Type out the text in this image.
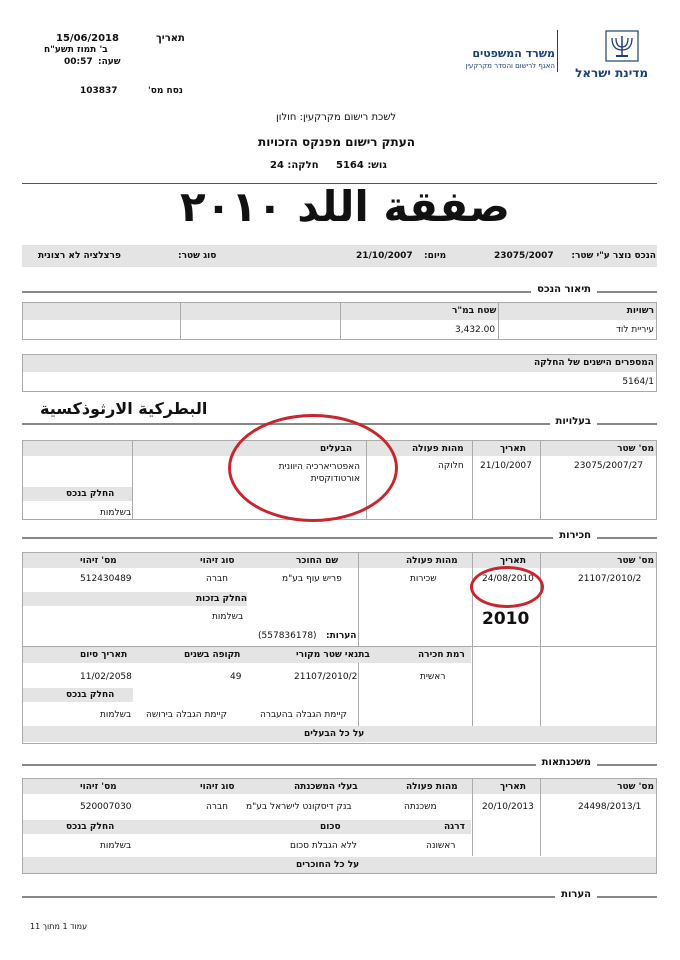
15/06/2018	תאריך
ב' תמוז תשע"ח
00:57 שעה:
103837	נסח מס'
משרד המשפטים
האגף לרישום והסדר מקרקעין מדינת ישראל
לשכת רישום מקרקעין: חולון
העתק רישום מפנקס הזכויות
גוש: 5164     חלקה: 24
صفقة اللد ٢٠١٠
הנכס נוצר ע"י שטר:
23075/2007
מיום:
21/10/2007
סוג שטר:
פרצלציה לא רצונית
תיאור הנכס
רשויות
שטח במ"ר
עיריית לוד
3,432.00
המספרים הישנים של החלקה
5164/1
البطركية الارثوذكسية
בעלויות
מס' שטר
תאריך
מהות פעולה
הבעלים
23075/2007/27
21/10/2007
חלוקה
האפטריארכיה היוונית אורטודוקסית
החלק בנכס
בשלמות
חכירות
מס' שטר
תאריך
מהות פעולה
שם החוכר
סוג זיהוי
מס' זיהוי
21107/2010/2
24/08/2010
שכירות
פריש עוף בע"מ
חברה
512430489
החלק בזכות
בשלמות
הערות:
(557836178)
רמת חכירה
בתנאי שטר מקורי
תקופה בשנים
תאריך סיום
ראשית
21107/2010/2
49
11/02/2058
החלק בנכס
קיימת הגבלה בהעברה
קיימת הגבלה בירושה
בשלמות
על כל הבעלים
2010
משכנתאות
מס' שטר
תאריך
מהות פעולה
בעלי המשכנתה
סוג זיהוי
מס' זיהוי
24498/2013/1
20/10/2013
משכנתה
בנק דיסקונט לישראל בע"מ
חברה
520007030
דרגה
סכום
החלק בנכס
ראשונה
ללא הגבלת סכום
בשלמות
על כל החוכרים
הערות
עמוד 1 מתוך 11
